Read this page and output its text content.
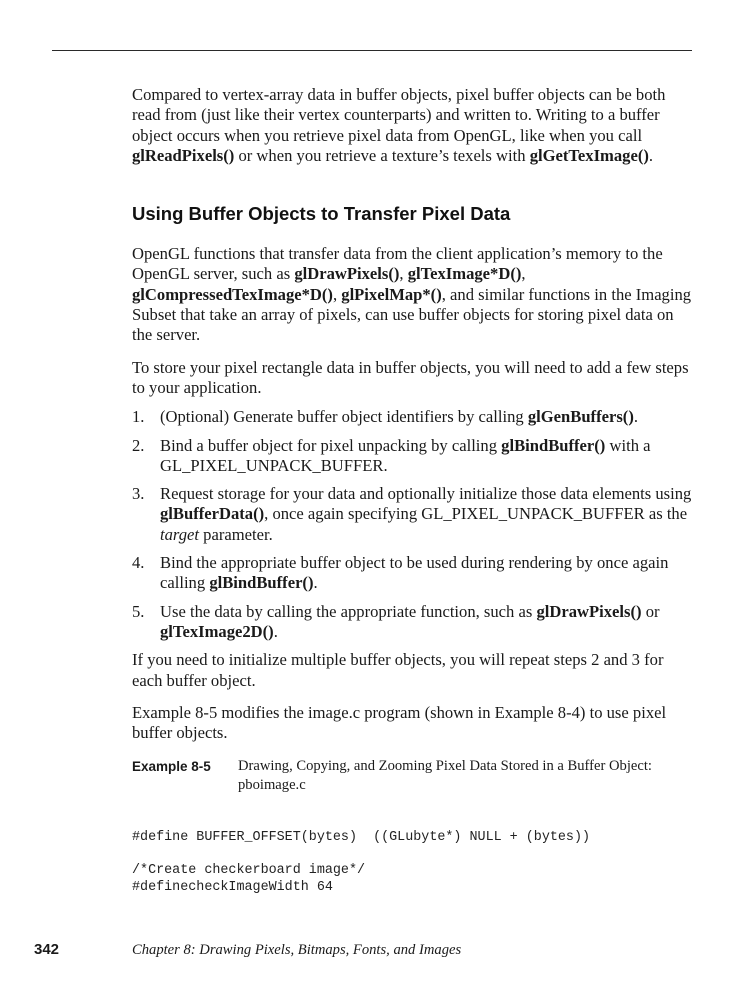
Compared to vertex-array data in buffer objects, pixel buffer objects can be both read from (just like their vertex counterparts) and written to. Writing to a buffer object occurs when you retrieve pixel data from OpenGL, like when you call glReadPixels() or when you retrieve a texture’s texels with glGetTexImage().

Using Buffer Objects to Transfer Pixel Data

OpenGL functions that transfer data from the client application’s memory to the OpenGL server, such as glDrawPixels(), glTexImage*D(), glCompressedTexImage*D(), glPixelMap*(), and similar functions in the Imaging Subset that take an array of pixels, can use buffer objects for storing pixel data on the server.

To store your pixel rectangle data in buffer objects, you will need to add a few steps to your application.

1. (Optional) Generate buffer object identifiers by calling glGenBuffers().
2. Bind a buffer object for pixel unpacking by calling glBindBuffer() with a GL_PIXEL_UNPACK_BUFFER.
3. Request storage for your data and optionally initialize those data elements using glBufferData(), once again specifying GL_PIXEL_UNPACK_BUFFER as the target parameter.
4. Bind the appropriate buffer object to be used during rendering by once again calling glBindBuffer().
5. Use the data by calling the appropriate function, such as glDrawPixels() or glTexImage2D().

If you need to initialize multiple buffer objects, you will repeat steps 2 and 3 for each buffer object.

Example 8-5 modifies the image.c program (shown in Example 8-4) to use pixel buffer objects.

Example 8-5 Drawing, Copying, and Zooming Pixel Data Stored in a Buffer Object: pboimage.c
#define BUFFER_OFFSET(bytes)  ((GLubyte*) NULL + (bytes))
/*Create checkerboard image*/
#definecheckImageWidth 64
342	Chapter 8: Drawing Pixels, Bitmaps, Fonts, and Images
